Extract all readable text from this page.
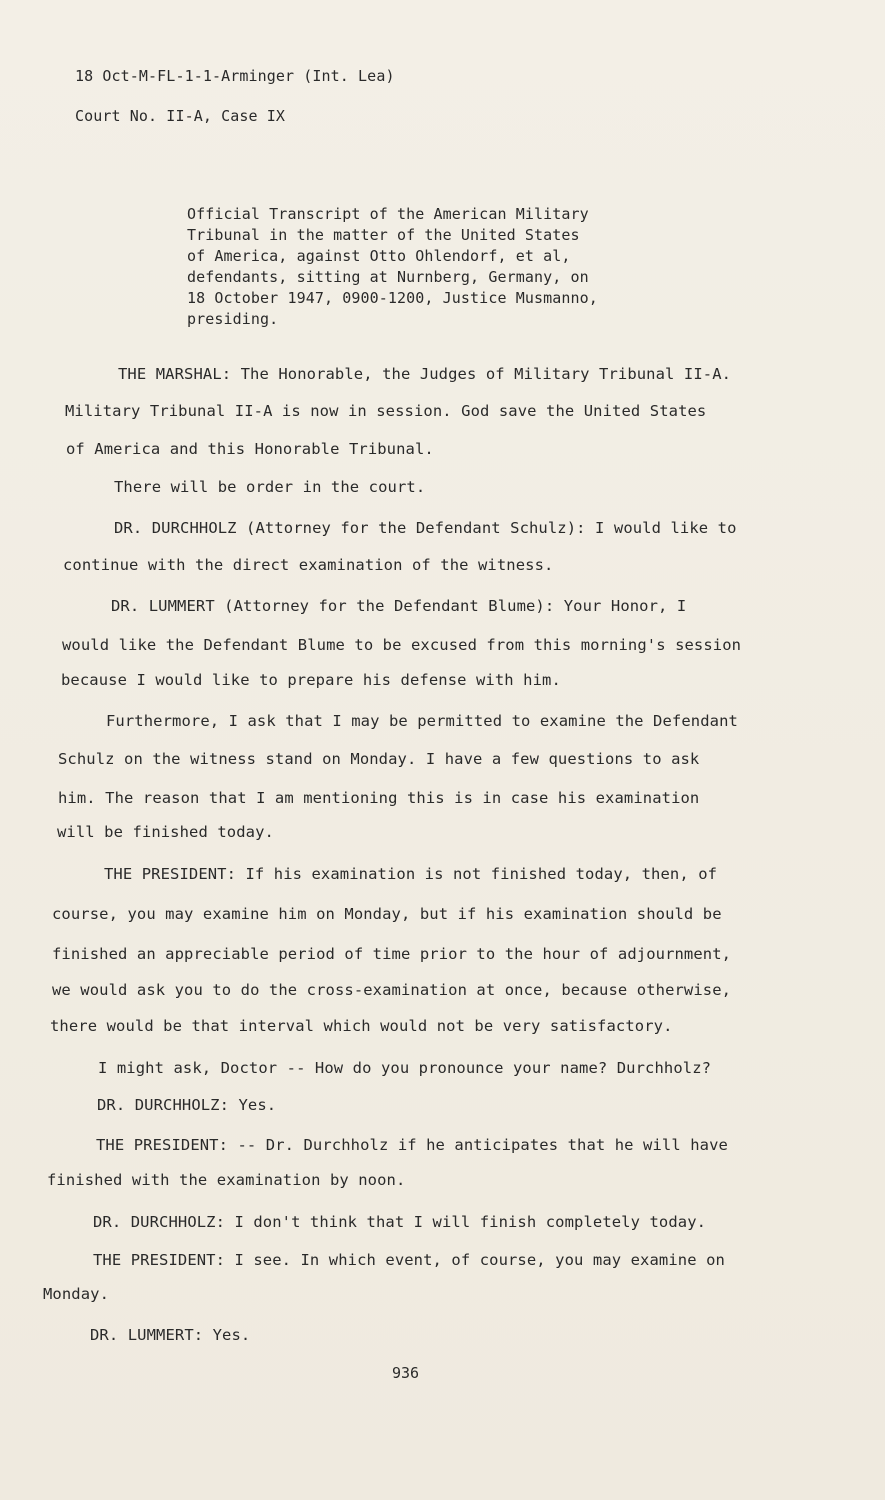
18 Oct-M-FL-1-1-Arminger (Int. Lea)
Court No. II-A, Case IX
Official Transcript of the American Military
Tribunal in the matter of the United States
of America, against Otto Ohlendorf, et al,
defendants, sitting at Nurnberg, Germany, on
18 October 1947, 0900-1200, Justice Musmanno,
presiding.
THE MARSHAL: The Honorable, the Judges of Military Tribunal II-A.
Military Tribunal II-A is now in session. God save the United States
of America and this Honorable Tribunal.
There will be order in the court.
DR. DURCHHOLZ (Attorney for the Defendant Schulz): I would like to
continue with the direct examination of the witness.
DR. LUMMERT (Attorney for the Defendant Blume): Your Honor, I
would like the Defendant Blume to be excused from this morning's session
because I would like to prepare his defense with him.
Furthermore, I ask that I may be permitted to examine the Defendant
Schulz on the witness stand on Monday. I have a few questions to ask
him. The reason that I am mentioning this is in case his examination
will be finished today.
THE PRESIDENT: If his examination is not finished today, then, of
course, you may examine him on Monday, but if his examination should be
finished an appreciable period of time prior to the hour of adjournment,
we would ask you to do the cross-examination at once, because otherwise,
there would be that interval which would not be very satisfactory.
I might ask, Doctor -- How do you pronounce your name? Durchholz?
DR. DURCHHOLZ: Yes.
THE PRESIDENT: -- Dr. Durchholz if he anticipates that he will have
finished with the examination by noon.
DR. DURCHHOLZ: I don't think that I will finish completely today.
THE PRESIDENT: I see. In which event, of course, you may examine on
Monday.
DR. LUMMERT: Yes.
936
